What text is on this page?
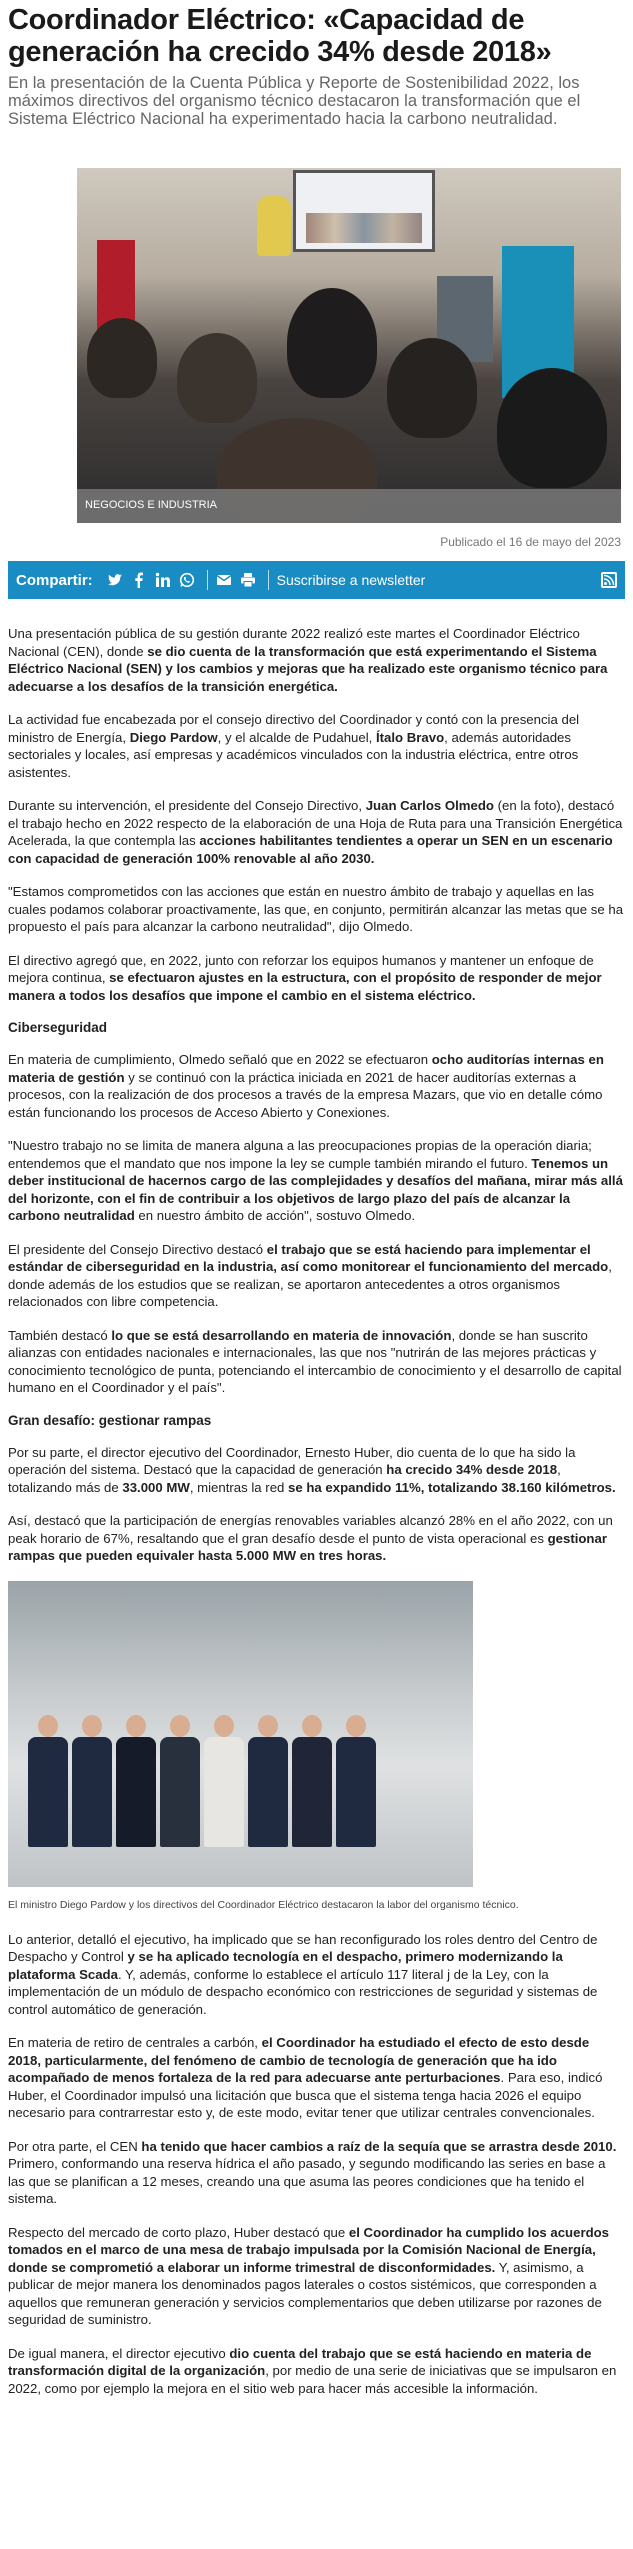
Coordinador Eléctrico: «Capacidad de generación ha crecido 34% desde 2018»
En la presentación de la Cuenta Pública y Reporte de Sostenibilidad 2022, los máximos directivos del organismo técnico destacaron la transformación que el Sistema Eléctrico Nacional ha experimentado hacia la carbono neutralidad.
NEGOCIOS E INDUSTRIA
Publicado el 16 de mayo del 2023
Compartir:	Suscribirse a newsletter

Una presentación pública de su gestión durante 2022 realizó este martes el Coordinador Eléctrico Nacional (CEN), donde se dio cuenta de la transformación que está experimentando el Sistema Eléctrico Nacional (SEN) y los cambios y mejoras que ha realizado este organismo técnico para adecuarse a los desafíos de la transición energética.

La actividad fue encabezada por el consejo directivo del Coordinador y contó con la presencia del ministro de Energía, Diego Pardow, y el alcalde de Pudahuel, Ítalo Bravo, además autoridades sectoriales y locales, así empresas y académicos vinculados con la industria eléctrica, entre otros asistentes.

Durante su intervención, el presidente del Consejo Directivo, Juan Carlos Olmedo (en la foto), destacó el trabajo hecho en 2022 respecto de la elaboración de una Hoja de Ruta para una Transición Energética Acelerada, la que contempla las acciones habilitantes tendientes a operar un SEN en un escenario con capacidad de generación 100% renovable al año 2030.

"Estamos comprometidos con las acciones que están en nuestro ámbito de trabajo y aquellas en las cuales podamos colaborar proactivamente, las que, en conjunto, permitirán alcanzar las metas que se ha propuesto el país para alcanzar la carbono neutralidad", dijo Olmedo.

El directivo agregó que, en 2022, junto con reforzar los equipos humanos y mantener un enfoque de mejora continua, se efectuaron ajustes en la estructura, con el propósito de responder de mejor manera a todos los desafíos que impone el cambio en el sistema eléctrico.

Ciberseguridad

En materia de cumplimiento, Olmedo señaló que en 2022 se efectuaron ocho auditorías internas en materia de gestión y se continuó con la práctica iniciada en 2021 de hacer auditorías externas a procesos, con la realización de dos procesos a través de la empresa Mazars, que vio en detalle cómo están funcionando los procesos de Acceso Abierto y Conexiones.

"Nuestro trabajo no se limita de manera alguna a las preocupaciones propias de la operación diaria; entendemos que el mandato que nos impone la ley se cumple también mirando el futuro. Tenemos un deber institucional de hacernos cargo de las complejidades y desafíos del mañana, mirar más allá del horizonte, con el fin de contribuir a los objetivos de largo plazo del país de alcanzar la carbono neutralidad en nuestro ámbito de acción", sostuvo Olmedo.

El presidente del Consejo Directivo destacó el trabajo que se está haciendo para implementar el estándar de ciberseguridad en la industria, así como monitorear el funcionamiento del mercado, donde además de los estudios que se realizan, se aportaron antecedentes a otros organismos relacionados con libre competencia.

También destacó lo que se está desarrollando en materia de innovación, donde se han suscrito alianzas con entidades nacionales e internacionales, las que nos "nutrirán de las mejores prácticas y conocimiento tecnológico de punta, potenciando el intercambio de conocimiento y el desarrollo de capital humano en el Coordinador y el país".

Gran desafío: gestionar rampas

Por su parte, el director ejecutivo del Coordinador, Ernesto Huber, dio cuenta de lo que ha sido la operación del sistema. Destacó que la capacidad de generación ha crecido 34% desde 2018, totalizando más de 33.000 MW, mientras la red se ha expandido 11%, totalizando 38.160 kilómetros.

Así, destacó que la participación de energías renovables variables alcanzó 28% en el año 2022, con un peak horario de 67%, resaltando que el gran desafío desde el punto de vista operacional es gestionar rampas que pueden equivaler hasta 5.000 MW en tres horas.

El ministro Diego Pardow y los directivos del Coordinador Eléctrico destacaron la labor del organismo técnico.

Lo anterior, detalló el ejecutivo, ha implicado que se han reconfigurado los roles dentro del Centro de Despacho y Control y se ha aplicado tecnología en el despacho, primero modernizando la plataforma Scada. Y, además, conforme lo establece el artículo 117 literal j de la Ley, con la implementación de un módulo de despacho económico con restricciones de seguridad y sistemas de control automático de generación.

En materia de retiro de centrales a carbón, el Coordinador ha estudiado el efecto de esto desde 2018, particularmente, del fenómeno de cambio de tecnología de generación que ha ido acompañado de menos fortaleza de la red para adecuarse ante perturbaciones. Para eso, indicó Huber, el Coordinador impulsó una licitación que busca que el sistema tenga hacia 2026 el equipo necesario para contrarrestar esto y, de este modo, evitar tener que utilizar centrales convencionales.

Por otra parte, el CEN ha tenido que hacer cambios a raíz de la sequía que se arrastra desde 2010. Primero, conformando una reserva hídrica el año pasado, y segundo modificando las series en base a las que se planifican a 12 meses, creando una que asuma las peores condiciones que ha tenido el sistema.

Respecto del mercado de corto plazo, Huber destacó que el Coordinador ha cumplido los acuerdos tomados en el marco de una mesa de trabajo impulsada por la Comisión Nacional de Energía, donde se comprometió a elaborar un informe trimestral de disconformidades. Y, asimismo, a publicar de mejor manera los denominados pagos laterales o costos sistémicos, que corresponden a aquellos que remuneran generación y servicios complementarios que deben utilizarse por razones de seguridad de suministro.

De igual manera, el director ejecutivo dio cuenta del trabajo que se está haciendo en materia de transformación digital de la organización, por medio de una serie de iniciativas que se impulsaron en 2022, como por ejemplo la mejora en el sitio web para hacer más accesible la información.
